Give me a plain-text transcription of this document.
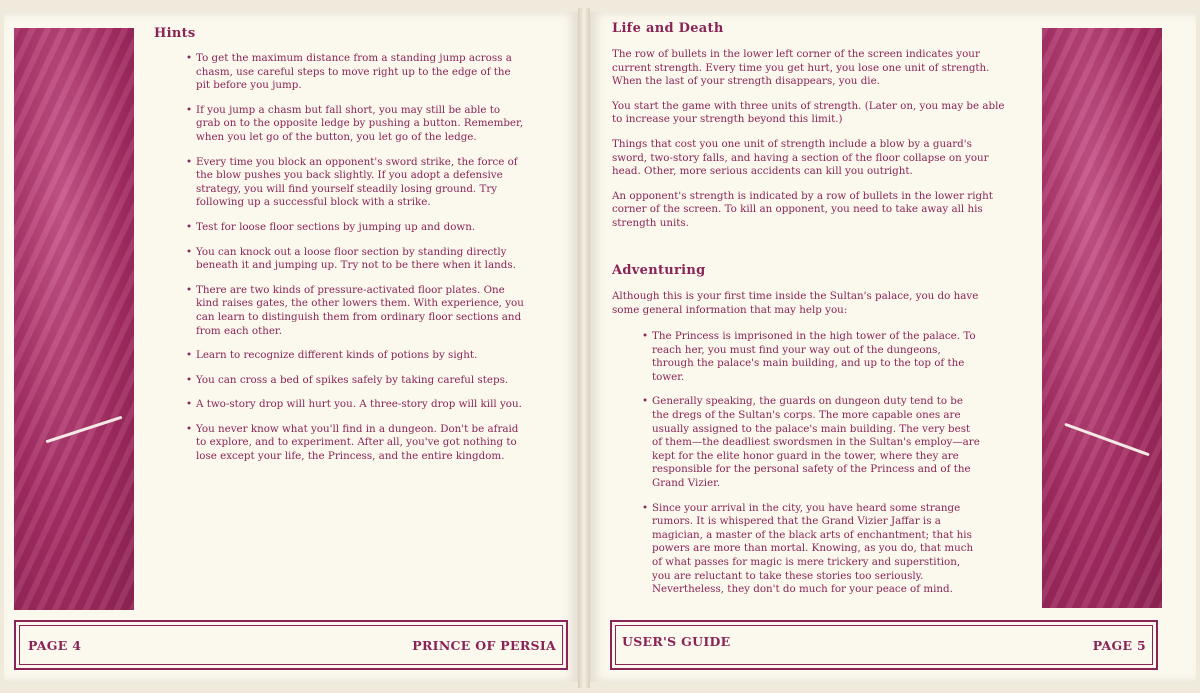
Hints

• To get the maximum distance from a standing jump across a chasm, use careful steps to move right up to the edge of the pit before you jump.

• If you jump a chasm but fall short, you may still be able to grab on to the opposite ledge by pushing a button. Remember, when you let go of the button, you let go of the ledge.

• Every time you block an opponent's sword strike, the force of the blow pushes you back slightly. If you adopt a defensive strategy, you will find yourself steadily losing ground. Try following up a successful block with a strike.

• Test for loose floor sections by jumping up and down.

• You can knock out a loose floor section by standing directly beneath it and jumping up. Try not to be there when it lands.

• There are two kinds of pressure-activated floor plates. One kind raises gates, the other lowers them. With experience, you can learn to distinguish them from ordinary floor sections and from each other.

• Learn to recognize different kinds of potions by sight.

• You can cross a bed of spikes safely by taking careful steps.

• A two-story drop will hurt you. A three-story drop will kill you.

• You never know what you'll find in a dungeon. Don't be afraid to explore, and to experiment. After all, you've got nothing to lose except your life, the Princess, and the entire kingdom.

PAGE 4	PRINCE OF PERSIA
Life and Death

The row of bullets in the lower left corner of the screen indicates your current strength. Every time you get hurt, you lose one unit of strength. When the last of your strength disappears, you die.

You start the game with three units of strength. (Later on, you may be able to increase your strength beyond this limit.)

Things that cost you one unit of strength include a blow by a guard's sword, two-story falls, and having a section of the floor collapse on your head. Other, more serious accidents can kill you outright.

An opponent's strength is indicated by a row of bullets in the lower right corner of the screen. To kill an opponent, you need to take away all his strength units.

Adventuring
Although this is your first time inside the Sultan's palace, you do have some general information that may help you:

• The Princess is imprisoned in the high tower of the palace. To reach her, you must find your way out of the dungeons, through the palace's main building, and up to the top of the tower.

• Generally speaking, the guards on dungeon duty tend to be the dregs of the Sultan's corps. The more capable ones are usually assigned to the palace's main building. The very best of them—the deadliest swordsmen in the Sultan's employ—are kept for the elite honor guard in the tower, where they are responsible for the personal safety of the Princess and of the Grand Vizier.

• Since your arrival in the city, you have heard some strange rumors. It is whispered that the Grand Vizier Jaffar is a magician, a master of the black arts of enchantment; that his powers are more than mortal. Knowing, as you do, that much of what passes for magic is mere trickery and superstition, you are reluctant to take these stories too seriously. Nevertheless, they don't do much for your peace of mind.

USER'S GUIDE	PAGE 5
